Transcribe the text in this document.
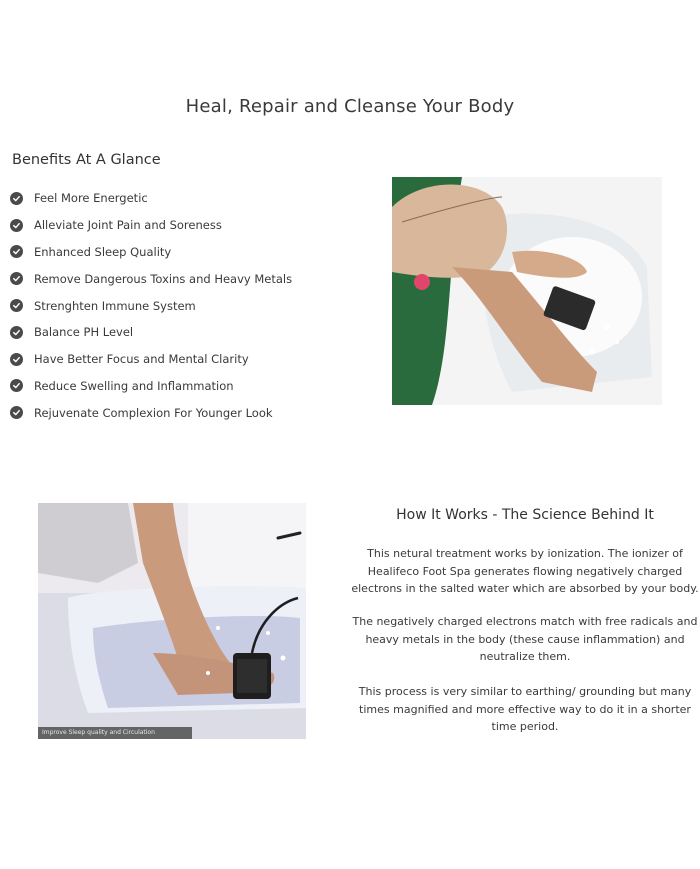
Heal, Repair and Cleanse Your Body
Benefits At A Glance
Feel More Energetic
Alleviate Joint Pain and Soreness
Enhanced Sleep Quality
Remove Dangerous Toxins and Heavy Metals
Strenghten Immune System
Balance PH Level
Have Better Focus and Mental Clarity
Reduce Swelling and Inflammation
Rejuvenate Complexion For Younger Look
Improve Sleep quality and Circulation
How It Works - The Science Behind It

This netural treatment works by ionization. The ionizer of Healifeco Foot Spa generates flowing negatively charged electrons in the salted water which are absorbed by your body.

The negatively charged electrons match with free radicals and heavy metals in the body (these cause inflammation) and neutralize them.

This process is very similar to earthing/ grounding but many times magnified and more effective way to do it in a shorter time period.
